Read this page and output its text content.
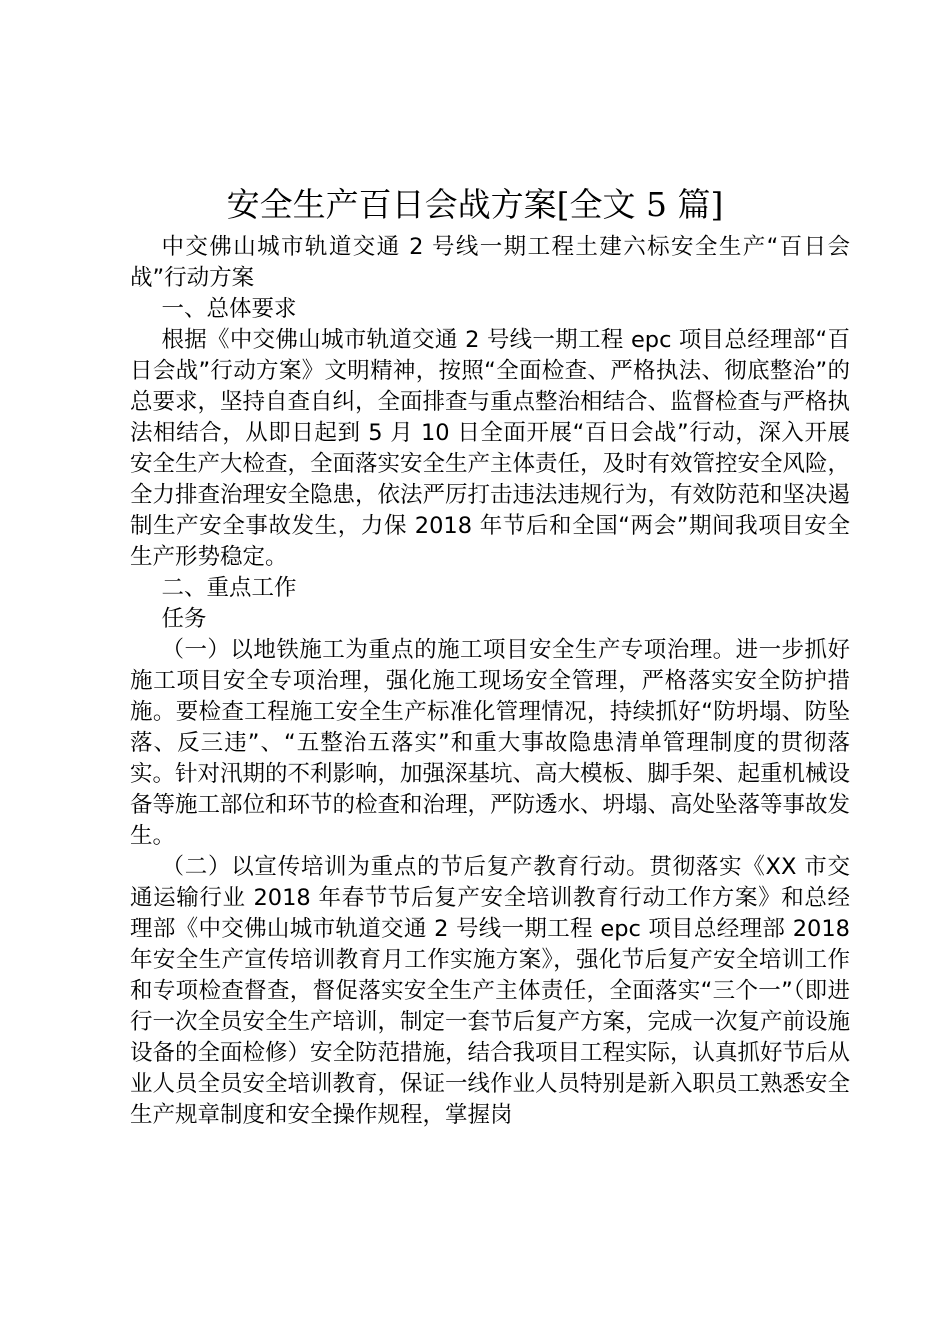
安全生产百日会战方案[全文 5 篇]

中交佛山城市轨道交通 2 号线一期工程土建六标安全生产“百日会战”行动方案

一、总体要求

根据《中交佛山城市轨道交通 2 号线一期工程 epc 项目总经理部“百日会战”行动方案》文明精神，按照“全面检查、严格执法、彻底整治”的总要求，坚持自查自纠，全面排查与重点整治相结合、监督检查与严格执法相结合，从即日起到 5 月 10 日全面开展“百日会战”行动，深入开展安全生产大检查，全面落实安全生产主体责任，及时有效管控安全风险，全力排查治理安全隐患，依法严厉打击违法违规行为，有效防范和坚决遏制生产安全事故发生，力保 2018 年节后和全国“两会”期间我项目安全生产形势稳定。

二、重点工作

任务

（一）以地铁施工为重点的施工项目安全生产专项治理。进一步抓好施工项目安全专项治理，强化施工现场安全管理，严格落实安全防护措施。要检查工程施工安全生产标准化管理情况，持续抓好“防坍塌、防坠落、反三违”、“五整治五落实”和重大事故隐患清单管理制度的贯彻落实。针对汛期的不利影响，加强深基坑、高大模板、脚手架、起重机械设备等施工部位和环节的检查和治理，严防透水、坍塌、高处坠落等事故发生。

（二）以宣传培训为重点的节后复产教育行动。贯彻落实《XX 市交通运输行业 2018 年春节节后复产安全培训教育行动工作方案》和总经理部《中交佛山城市轨道交通 2 号线一期工程 epc 项目总经理部 2018 年安全生产宣传培训教育月工作实施方案》，强化节后复产安全培训工作和专项检查督查，督促落实安全生产主体责任，全面落实“三个一”（即进行一次全员安全生产培训，制定一套节后复产方案，完成一次复产前设施设备的全面检修）安全防范措施，结合我项目工程实际，认真抓好节后从业人员全员安全培训教育，保证一线作业人员特别是新入职员工熟悉安全生产规章制度和安全操作规程，掌握岗
